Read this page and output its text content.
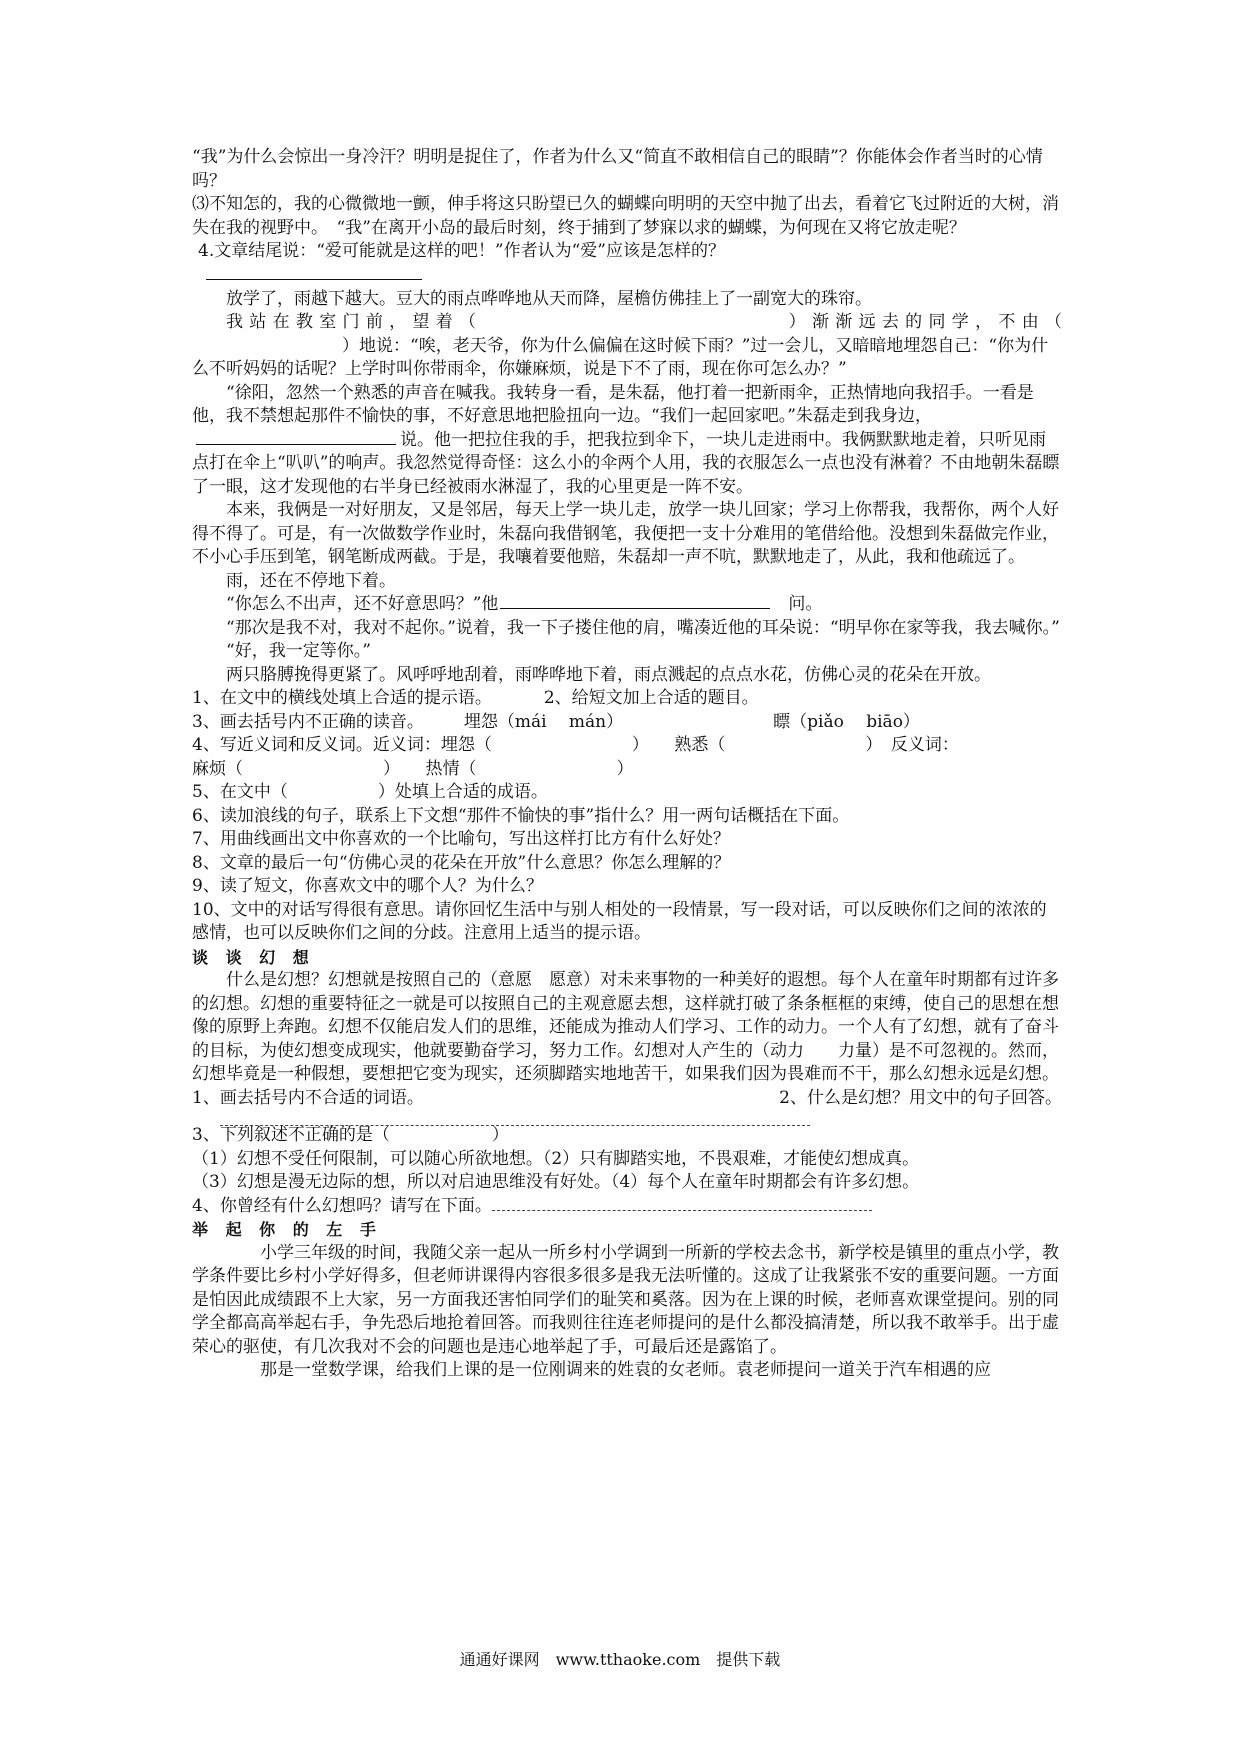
“我”为什么会惊出一身冷汗？明明是捉住了，作者为什么又“简直不敢相信自己的眼睛”？你能体会作者当时的心情吗？

⑶不知怎的，我的心微微地一颤，伸手将这只盼望已久的蝴蝶向明明的天空中抛了出去，看着它飞过附近的大树，消失在我的视野中。　“我”在离开小岛的最后时刻，终于捕到了梦寐以求的蝴蝶，为何现在又将它放走呢？

4.文章结尾说：“爱可能就是这样的吧！”作者认为“爱”应该是怎样的？

放学了，雨越下越大。豆大的雨点哗哗地从天而降，屋檐仿佛挂上了一副宽大的珠帘。

我站在教室门前，望着（	）渐渐远去的同学，不由（

）地说：“唉，老天爷，你为什么偏偏在这时候下雨？”过一会儿，又暗暗地埋怨自己：“你为什么不听妈妈的话呢？上学时叫你带雨伞，你嫌麻烦，说是下不了雨，现在你可怎么办？”

“徐阳，忽然一个熟悉的声音在喊我。我转身一看，是朱磊，他打着一把新雨伞，正热情地向我招手。一看是他，我不禁想起那件不愉快的事，不好意思地把脸扭向一边。“我们一起回家吧。”朱磊走到我身边，说。他一把拉住我的手，把我拉到伞下，一块儿走进雨中。我俩默默地走着，只听见雨点打在伞上“叭叭”的响声。我忽然觉得奇怪：这么小的伞两个人用，我的衣服怎么一点也没有淋着？不由地朝朱磊瞟了一眼，这才发现他的右半身已经被雨水淋湿了，我的心里更是一阵不安。

本来，我俩是一对好朋友，又是邻居，每天上学一块儿走，放学一块儿回家；学习上你帮我，我帮你，两个人好得不得了。可是，有一次做数学作业时，朱磊向我借钢笔，我便把一支十分难用的笔借给他。没想到朱磊做完作业，不小心手压到笔，钢笔断成两截。于是，我嚷着要他赔，朱磊却一声不吭，默默地走了，从此，我和他疏远了。

雨，还在不停地下着。

“你怎么不出声，还不好意思吗？”他	问。

“那次是我不对，我对不起你。”说着，我一下子搂住他的肩，嘴凑近他的耳朵说：“明早你在家等我，我去喊你。”

“好，我一定等你。”

两只胳膊挽得更紧了。风呼呼地刮着，雨哗哗地下着，雨点溅起的点点水花，仿佛心灵的花朵在开放。

1、在文中的横线处填上合适的提示语。	2、给短文加上合适的题目。

3、画去括号内不正确的读音。 埋怨（mái　 mán）	瞟（piǎo　 biāo）

4、写近义词和反义词。近义词：埋怨（	）　　熟悉（	）　反义词：

麻烦（	）　　热情（	）

5、在文中（	）处填上合适的成语。

6、读加浪线的句子，联系上下文想“那件不愉快的事”指什么？用一两句话概括在下面。

7、用曲线画出文中你喜欢的一个比喻句，写出这样打比方有什么好处？

8、文章的最后一句“仿佛心灵的花朵在开放”什么意思？你怎么理解的？

9、读了短文，你喜欢文中的哪个人？为什么？

10、文中的对话写得很有意思。请你回忆生活中与别人相处的一段情景，写一段对话，可以反映你们之间的浓浓的感情，也可以反映你们之间的分歧。注意用上适当的提示语。

谈 谈 幻 想

什么是幻想？幻想就是按照自己的（意愿　愿意）对未来事物的一种美好的遐想。每个人在童年时期都有过许多的幻想。幻想的重要特征之一就是可以按照自己的主观意愿去想，这样就打破了条条框框的束缚，使自己的思想在想像的原野上奔跑。幻想不仅能启发人们的思维，还能成为推动人们学习、工作的动力。一个人有了幻想，就有了奋斗的目标，为使幻想变成现实，他就要勤奋学习，努力工作。幻想对人产生的（动力　　力量）是不可忽视的。然而，幻想毕竟是一种假想，要想把它变为现实，还须脚踏实地地苦干，如果我们因为畏难而不干，那么幻想永远是幻想。

1、画去括号内不合适的词语。	2、什么是幻想？用文中的句子回答。

3、下列叙述不正确的是（	）

（1）幻想不受任何限制，可以随心所欲地想。（2）只有脚踏实地，不畏艰难，才能使幻想成真。

（3）幻想是漫无边际的想，所以对启迪思维没有好处。（4）每个人在童年时期都会有许多幻想。

4、你曾经有什么幻想吗？请写在下面。

举 起 你 的 左 手

小学三年级的时间，我随父亲一起从一所乡村小学调到一所新的学校去念书，新学校是镇里的重点小学，教学条件要比乡村小学好得多，但老师讲课得内容很多很多是我无法听懂的。这成了让我紧张不安的重要问题。一方面是怕因此成绩跟不上大家，另一方面我还害怕同学们的耻笑和奚落。因为在上课的时候，老师喜欢课堂提问。别的同学全都高高举起右手，争先恐后地抢着回答。而我则往往连老师提问的是什么都没搞清楚，所以我不敢举手。出于虚荣心的驱使，有几次我对不会的问题也是违心地举起了手，可最后还是露馅了。

那是一堂数学课，给我们上课的是一位刚调来的姓袁的女老师。袁老师提问一道关于汽车相遇的应

通通好课网　www.tthaoke.com　提供下载
